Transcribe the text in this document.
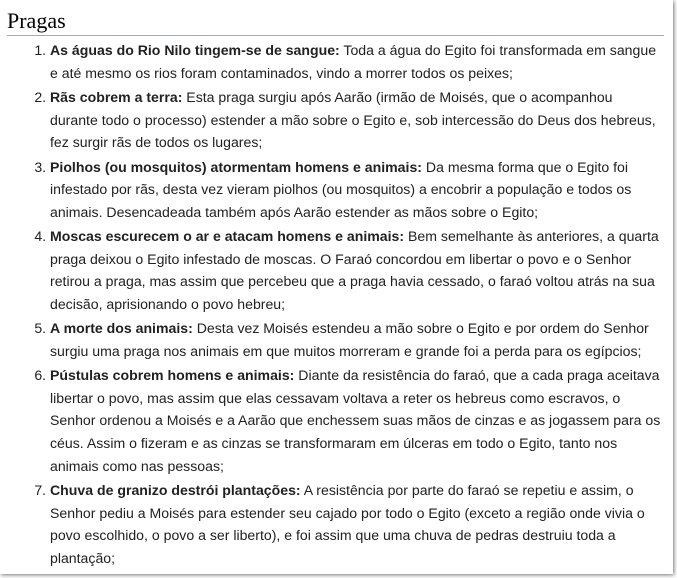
Pragas
1. As águas do Rio Nilo tingem-se de sangue: Toda a água do Egito foi transformada em sangue e até mesmo os rios foram contaminados, vindo a morrer todos os peixes;
2. Rãs cobrem a terra: Esta praga surgiu após Aarão (irmão de Moisés, que o acompanhou durante todo o processo) estender a mão sobre o Egito e, sob intercessão do Deus dos hebreus, fez surgir rãs de todos os lugares;
3. Piolhos (ou mosquitos) atormentam homens e animais: Da mesma forma que o Egito foi infestado por rãs, desta vez vieram piolhos (ou mosquitos) a encobrir a população e todos os animais. Desencadeada também após Aarão estender as mãos sobre o Egito;
4. Moscas escurecem o ar e atacam homens e animais: Bem semelhante às anteriores, a quarta praga deixou o Egito infestado de moscas. O Faraó concordou em libertar o povo e o Senhor retirou a praga, mas assim que percebeu que a praga havia cessado, o faraó voltou atrás na sua decisão, aprisionando o povo hebreu;
5. A morte dos animais: Desta vez Moisés estendeu a mão sobre o Egito e por ordem do Senhor surgiu uma praga nos animais em que muitos morreram e grande foi a perda para os egípcios;
6. Pústulas cobrem homens e animais: Diante da resistência do faraó, que a cada praga aceitava libertar o povo, mas assim que elas cessavam voltava a reter os hebreus como escravos, o Senhor ordenou a Moisés e a Aarão que enchessem suas mãos de cinzas e as jogassem para os céus. Assim o fizeram e as cinzas se transformaram em úlceras em todo o Egito, tanto nos animais como nas pessoas;
7. Chuva de granizo destrói plantações: A resistência por parte do faraó se repetiu e assim, o Senhor pediu a Moisés para estender seu cajado por todo o Egito (exceto a região onde vivia o povo escolhido, o povo a ser liberto), e foi assim que uma chuva de pedras destruiu toda a plantação;
